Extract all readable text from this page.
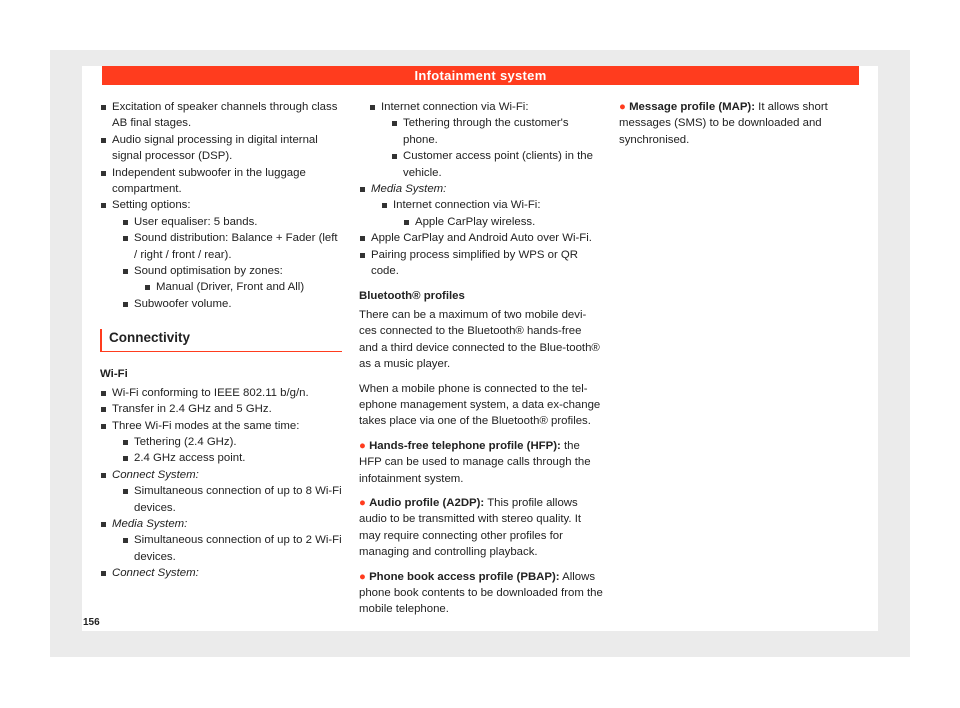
Infotainment system
Excitation of speaker channels through class AB final stages.
Audio signal processing in digital internal signal processor (DSP).
Independent subwoofer in the luggage compartment.
Setting options:
User equaliser: 5 bands.
Sound distribution: Balance + Fader (left / right / front / rear).
Sound optimisation by zones:
Manual (Driver, Front and All)
Subwoofer volume.
Connectivity
Wi-Fi
Wi-Fi conforming to IEEE 802.11 b/g/n.
Transfer in 2.4 GHz and 5 GHz.
Three Wi-Fi modes at the same time:
Tethering (2.4 GHz).
2.4 GHz access point.
Connect System:
Simultaneous connection of up to 8 Wi-Fi devices.
Media System:
Simultaneous connection of up to 2 Wi-Fi devices.
Connect System:
Internet connection via Wi-Fi:
Tethering through the customer's phone.
Customer access point (clients) in the vehicle.
Media System:
Internet connection via Wi-Fi:
Apple CarPlay wireless.
Apple CarPlay and Android Auto over Wi-Fi.
Pairing process simplified by WPS or QR code.
Bluetooth® profiles

There can be a maximum of two mobile devi-ces connected to the Bluetooth® hands-free and a third device connected to the Blue-tooth® as a music player.

When a mobile phone is connected to the tel-ephone management system, a data ex-change takes place via one of the Bluetooth® profiles.

● Hands-free telephone profile (HFP): the HFP can be used to manage calls through the infotainment system.

● Audio profile (A2DP): This profile allows audio to be transmitted with stereo quality. It may require connecting other profiles for managing and controlling playback.

● Phone book access profile (PBAP): Allows phone book contents to be downloaded from the mobile telephone.

● Message profile (MAP): It allows short messages (SMS) to be downloaded and synchronised.

156
